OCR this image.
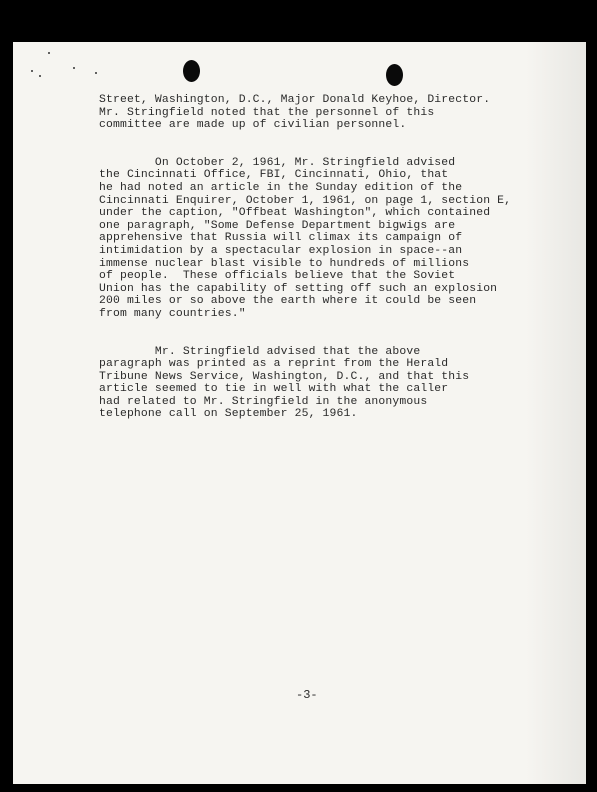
Street, Washington, D.C., Major Donald Keyhoe, Director.
Mr. Stringfield noted that the personnel of this
committee are made up of civilian personnel.
On October 2, 1961, Mr. Stringfield advised
the Cincinnati Office, FBI, Cincinnati, Ohio, that
he had noted an article in the Sunday edition of the
Cincinnati Enquirer, October 1, 1961, on page 1, section E,
under the caption, "Offbeat Washington", which contained
one paragraph, "Some Defense Department bigwigs are
apprehensive that Russia will climax its campaign of
intimidation by a spectacular explosion in space--an
immense nuclear blast visible to hundreds of millions
of people.  These officials believe that the Soviet
Union has the capability of setting off such an explosion
200 miles or so above the earth where it could be seen
from many countries."
Mr. Stringfield advised that the above
paragraph was printed as a reprint from the Herald
Tribune News Service, Washington, D.C., and that this
article seemed to tie in well with what the caller
had related to Mr. Stringfield in the anonymous
telephone call on September 25, 1961.
-3-
